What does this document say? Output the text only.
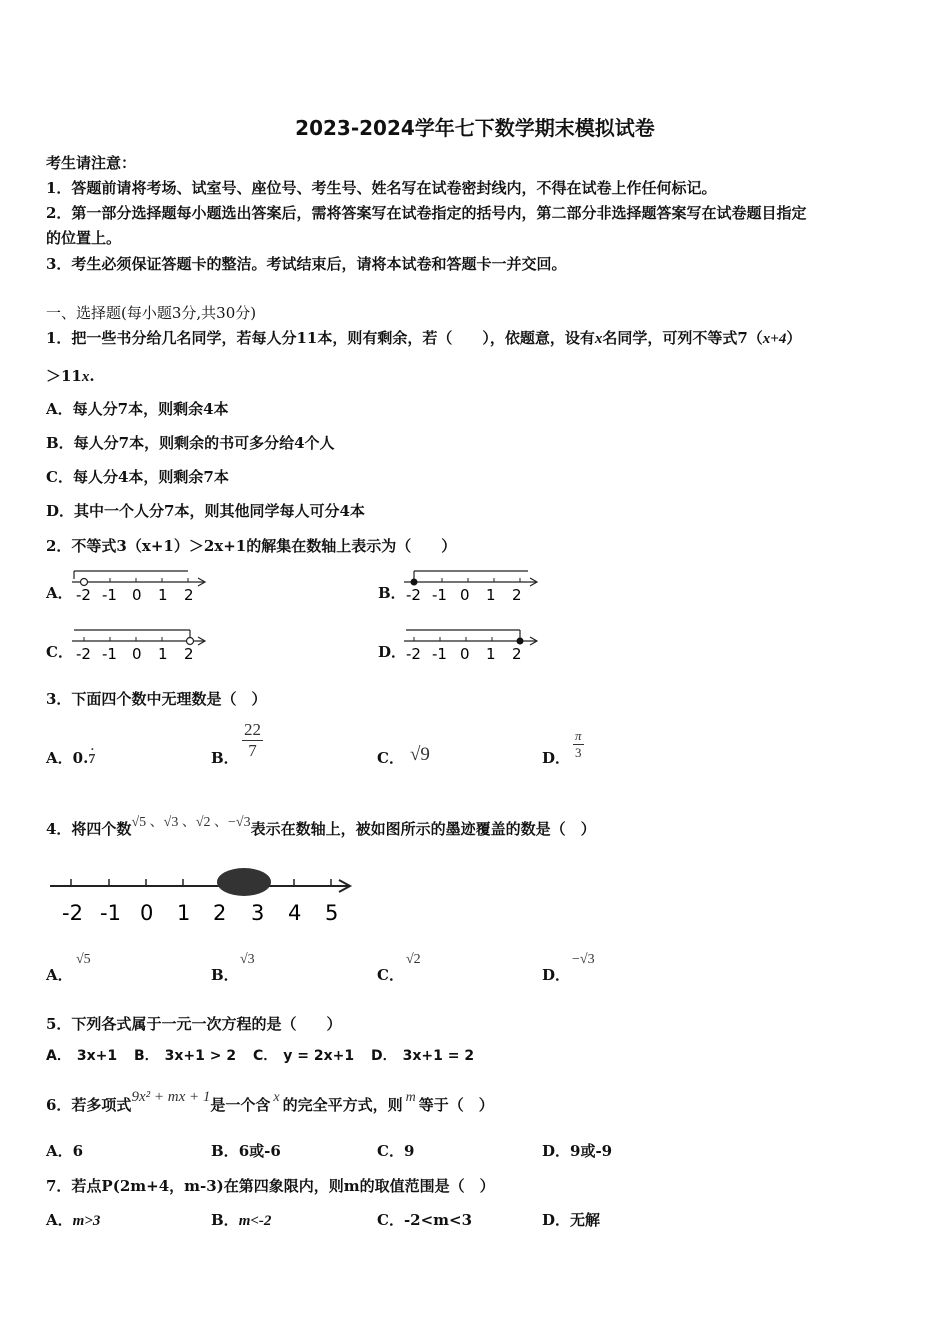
2023-2024学年七下数学期末模拟试卷
考生请注意：
1．答题前请将考场、试室号、座位号、考生号、姓名写在试卷密封线内，不得在试卷上作任何标记。
2．第一部分选择题每小题选出答案后，需将答案写在试卷指定的括号内，第二部分非选择题答案写在试卷题目指定
的位置上。
3．考生必须保证答题卡的整洁。考试结束后，请将本试卷和答题卡一并交回。
一、选择题(每小题3分,共30分)
1．把一些书分给几名同学，若每人分11本，则有剩余，若（　　），依题意，设有x名同学，可列不等式7（x+4）
＞11x.
A．每人分7本，则剩余4本
B．每人分7本，则剩余的书可多分给4个人
C．每人分4本，则剩余7本
D．其中一个人分7本，则其他同学每人可分4本
2．不等式3（x+1）＞2x+1的解集在数轴上表示为（　　）
A． -2 -1 0 1 2	B． -2 -1 0 1 2
C． -2 -1 0 1 2	D． -2 -1 0 1 2
3．下面四个数中无理数是（　）
A．0. ·
7	B． $\frac{22}{7}$	C． √9	D． $\frac{\pi}{3}$
4．将四个数√5 、√3 、√2 、−√3表示在数轴上，被如图所示的墨迹覆盖的数是（　）
-2 -1 0 1 2 3 4 5
A．
√5
B．
√3
C．
√2
D．
−√3
5．下列各式属于一元一次方程的是（　　）
A． 3x+1 B． 3x+1 > 2 C． y = 2x+1 D． 3x+1 = 2
6．若多项式9x² + mx + 1是一个含 x 的完全平方式，则 m 等于（　）
A．6	B．6或-6	C．9	D．9或-9
7．若点P(2m+4，m-3)在第四象限内，则m的取值范围是（　）
A．m>3	B．m<-2	C．-2<m<3	D．无解
